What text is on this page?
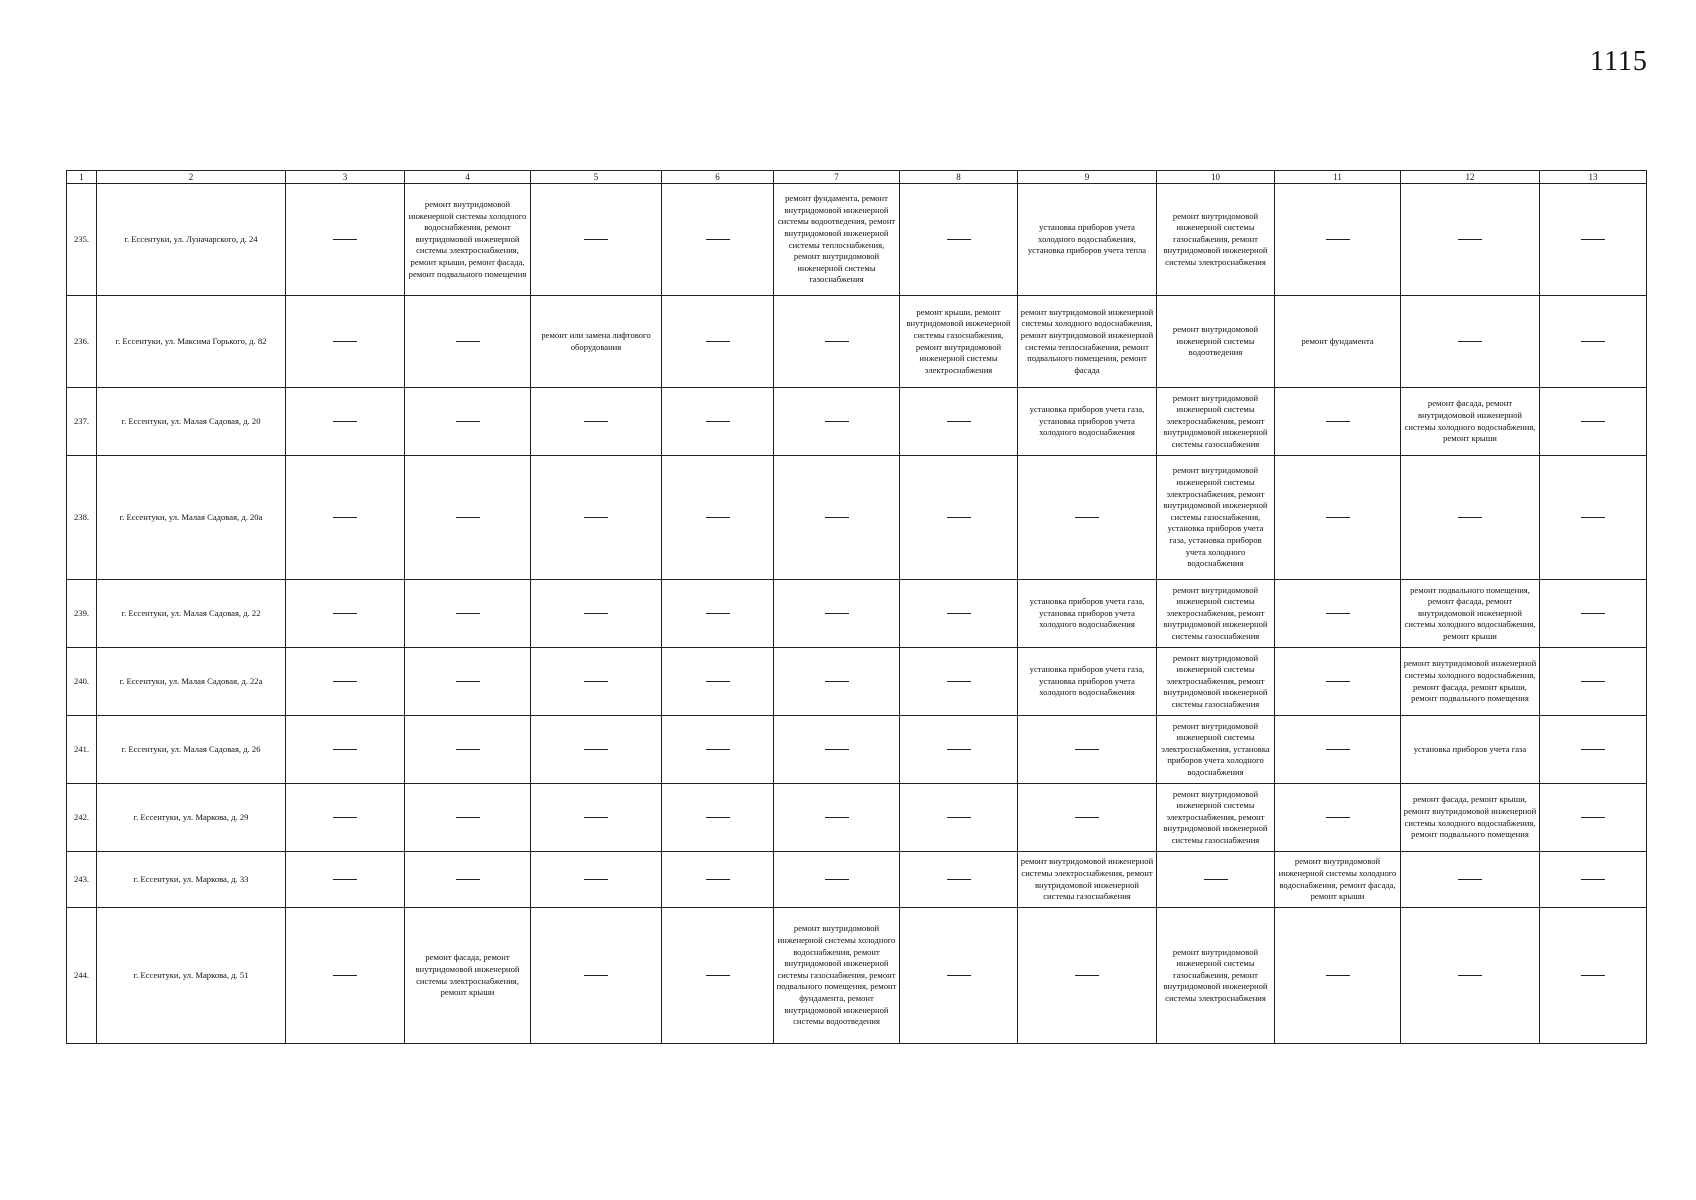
1115
1	2	3	4	5	6	7	8	9	10	11	12	13
235.	г. Ессентуки, ул. Луначарского, д. 24		ремонт внутридомовой инженерной системы холодного водоснабжения, ремонт внутридомовой инженерной системы электроснабжения, ремонт крыши, ремонт фасада, ремонт подвального помещения			ремонт фундамента, ремонт внутридомовой инженерной системы водоотведения, ремонт внутридомовой инженерной системы теплоснабжения, ремонт внутридомовой инженерной системы газоснабжения		установка приборов учета холодного водоснабжения, установка приборов учета тепла	ремонт внутридомовой инженерной системы газоснабжения, ремонт внутридомовой инженерной системы электроснабжения			
236.	г. Ессентуки, ул. Максима Горького, д. 82			ремонт или замена лифтового оборудования			ремонт крыши, ремонт внутридомовой инженерной системы газоснабжения, ремонт внутридомовой инженерной системы электроснабжения	ремонт внутридомовой инженерной системы холодного водоснабжения, ремонт внутридомовой инженерной системы теплоснабжения, ремонт подвального помещения, ремонт фасада	ремонт внутридомовой инженерной системы водоотведения	ремонт фундамента		
237.	г. Ессентуки, ул. Малая Садовая, д. 20							установка приборов учета газа, установка приборов учета холодного водоснабжения	ремонт внутридомовой инженерной системы электроснабжения, ремонт внутридомовой инженерной системы газоснабжения		ремонт фасада, ремонт внутридомовой инженерной системы холодного водоснабжения, ремонт крыши	
238.	г. Ессентуки, ул. Малая Садовая, д. 20а								ремонт внутридомовой инженерной системы электроснабжения, ремонт внутридомовой инженерной системы газоснабжения, установка приборов учета газа, установка приборов учета холодного водоснабжения			
239.	г. Ессентуки, ул. Малая Садовая, д. 22							установка приборов учета газа, установка приборов учета холодного водоснабжения	ремонт внутридомовой инженерной системы электроснабжения, ремонт внутридомовой инженерной системы газоснабжения		ремонт подвального помещения, ремонт фасада, ремонт внутридомовой инженерной системы холодного водоснабжения, ремонт крыши	
240.	г. Ессентуки, ул. Малая Садовая, д. 22а							установка приборов учета газа, установка приборов учета холодного водоснабжения	ремонт внутридомовой инженерной системы электроснабжения, ремонт внутридомовой инженерной системы газоснабжения		ремонт внутридомовой инженерной системы холодного водоснабжения, ремонт фасада, ремонт крыши, ремонт подвального помещения	
241.	г. Ессентуки, ул. Малая Садовая, д. 26								ремонт внутридомовой инженерной системы электроснабжения, установка приборов учета холодного водоснабжения		установка приборов учета газа	
242.	г. Ессентуки, ул. Маркова, д. 29								ремонт внутридомовой инженерной системы электроснабжения, ремонт внутридомовой инженерной системы газоснабжения		ремонт фасада, ремонт крыши, ремонт внутридомовой инженерной системы холодного водоснабжения, ремонт подвального помещения	
243.	г. Ессентуки, ул. Маркова, д. 33							ремонт внутридомовой инженерной системы электроснабжения, ремонт внутридомовой инженерной системы газоснабжения		ремонт внутридомовой инженерной системы холодного водоснабжения, ремонт фасада, ремонт крыши		
244.	г. Ессентуки, ул. Маркова, д. 51		ремонт фасада, ремонт внутридомовой инженерной системы электроснабжения, ремонт крыши			ремонт внутридомовой инженерной системы холодного водоснабжения, ремонт внутридомовой инженерной системы газоснабжения, ремонт подвального помещения, ремонт фундамента, ремонт внутридомовой инженерной системы водоотведения			ремонт внутридомовой инженерной системы газоснабжения, ремонт внутридомовой инженерной системы электроснабжения			
